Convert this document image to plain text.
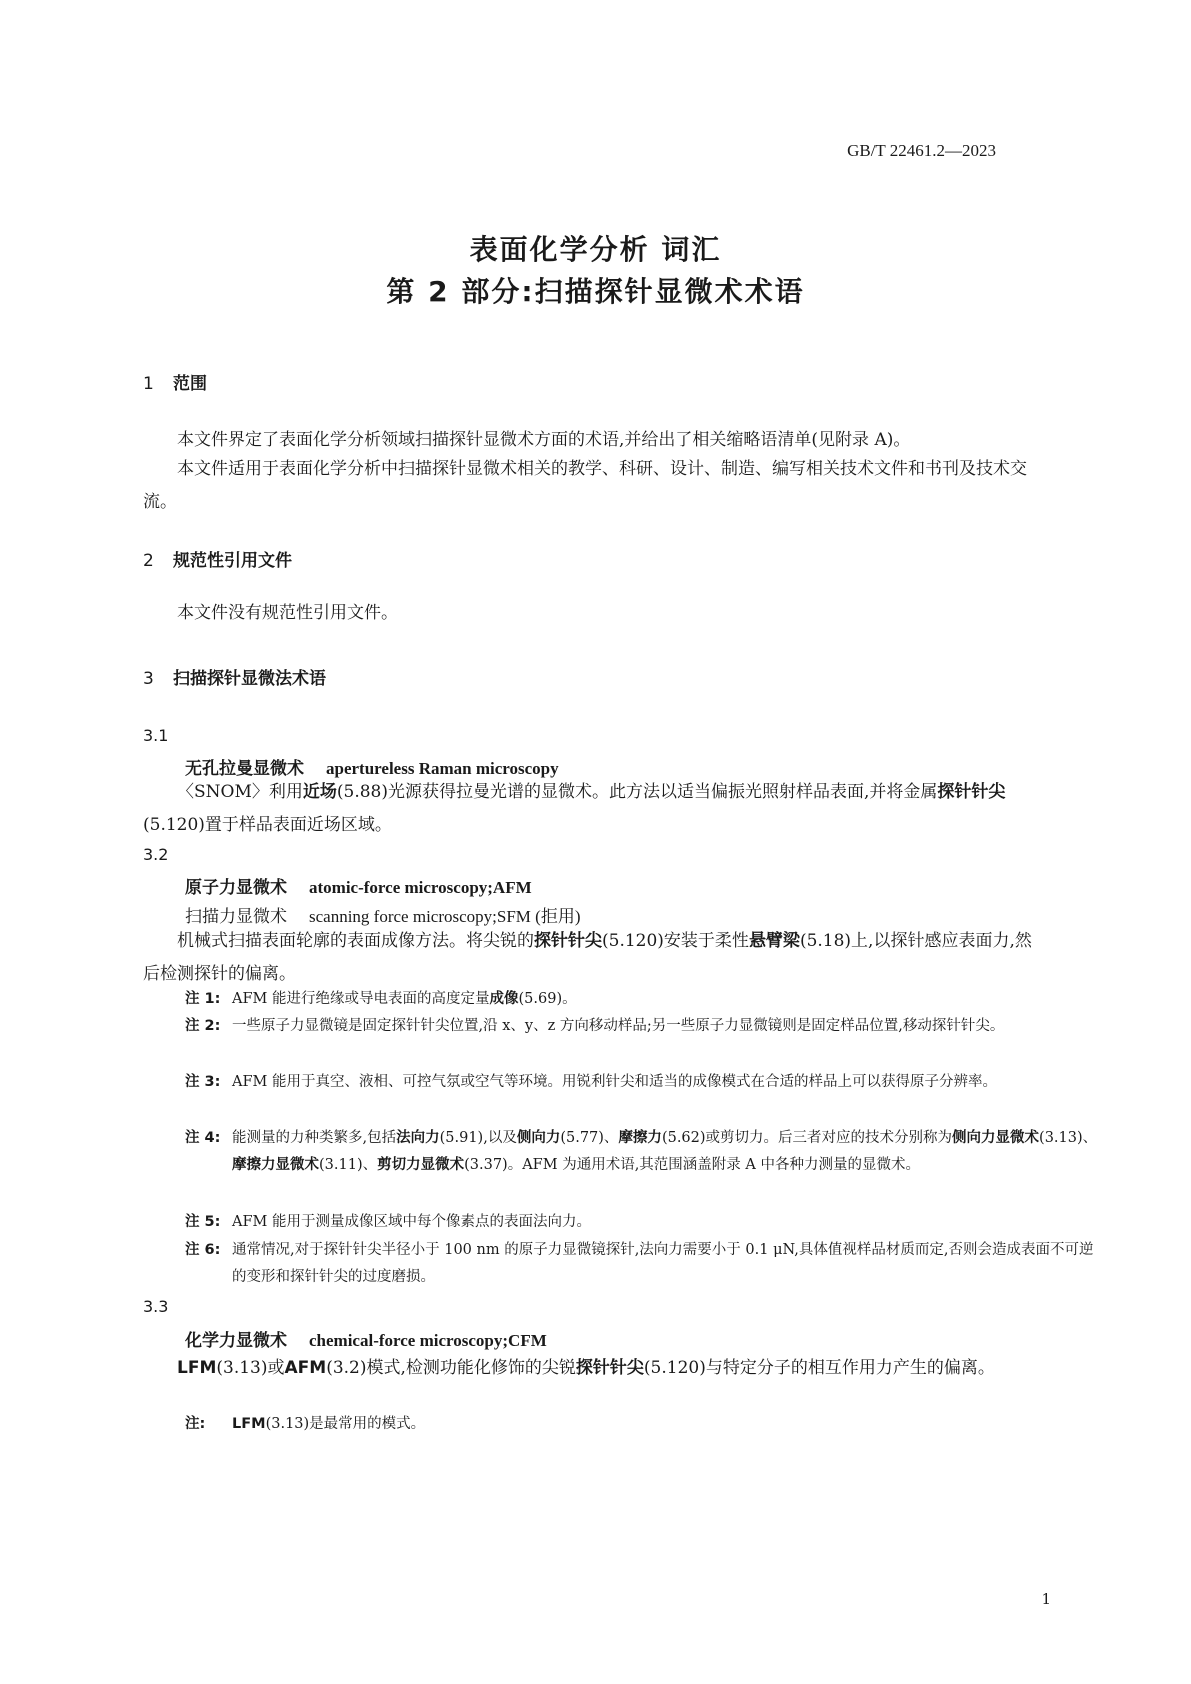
GB/T 22461.2—2023
表面化学分析 词汇
第 2 部分:扫描探针显微术术语
1 范围
本文件界定了表面化学分析领域扫描探针显微术方面的术语,并给出了相关缩略语清单(见附录 A)。
本文件适用于表面化学分析中扫描探针显微术相关的教学、科研、设计、制造、编写相关技术文件和书刊及技术交流。
2 规范性引用文件
本文件没有规范性引用文件。
3 扫描探针显微法术语
3.1
无孔拉曼显微术 apertureless Raman microscopy
〈SNOM〉利用近场(5.88)光源获得拉曼光谱的显微术。此方法以适当偏振光照射样品表面,并将金属探针针尖(5.120)置于样品表面近场区域。
3.2
原子力显微术 atomic-force microscopy;AFM
扫描力显微术 scanning force microscopy;SFM (拒用)
机械式扫描表面轮廓的表面成像方法。将尖锐的探针针尖(5.120)安装于柔性悬臂梁(5.18)上,以探针感应表面力,然后检测探针的偏离。
注 1: AFM 能进行绝缘或导电表面的高度定量成像(5.69)。
注 2: 一些原子力显微镜是固定探针针尖位置,沿 x、y、z 方向移动样品;另一些原子力显微镜则是固定样品位置,移动探针针尖。
注 3: AFM 能用于真空、液相、可控气氛或空气等环境。用锐利针尖和适当的成像模式在合适的样品上可以获得原子分辨率。
注 4: 能测量的力种类繁多,包括法向力(5.91),以及侧向力(5.77)、摩擦力(5.62)或剪切力。后三者对应的技术分别称为侧向力显微术(3.13)、摩擦力显微术(3.11)、剪切力显微术(3.37)。AFM 为通用术语,其范围涵盖附录 A 中各种力测量的显微术。
注 5: AFM 能用于测量成像区域中每个像素点的表面法向力。
注 6: 通常情况,对于探针针尖半径小于 100 nm 的原子力显微镜探针,法向力需要小于 0.1 μN,具体值视样品材质而定,否则会造成表面不可逆的变形和探针针尖的过度磨损。
3.3
化学力显微术 chemical-force microscopy;CFM
LFM(3.13)或AFM(3.2)模式,检测功能化修饰的尖锐探针针尖(5.120)与特定分子的相互作用力产生的偏离。
注: LFM(3.13)是最常用的模式。
1
